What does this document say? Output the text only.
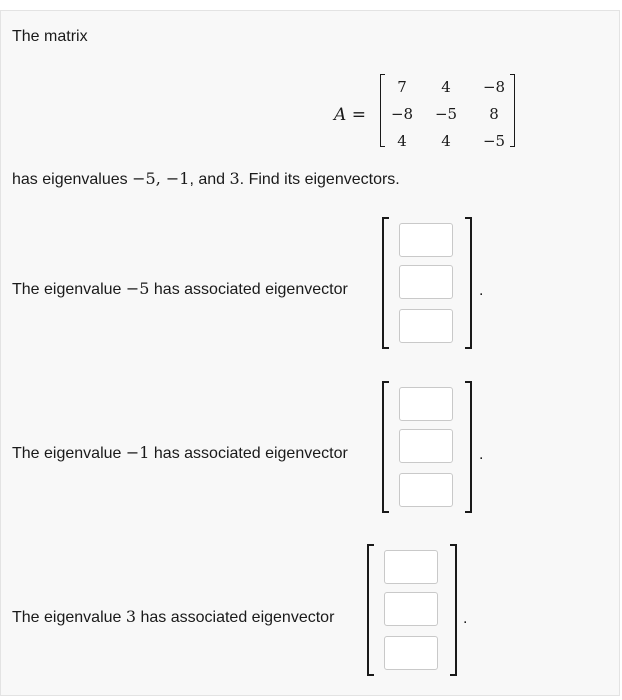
The matrix
A =
7	4	−8
−8	−5	8
4	4	−5
has eigenvalues −5, −1, and 3. Find its eigenvectors.
The eigenvalue −5 has associated eigenvector	.
The eigenvalue −1 has associated eigenvector	.
The eigenvalue 3 has associated eigenvector	.
